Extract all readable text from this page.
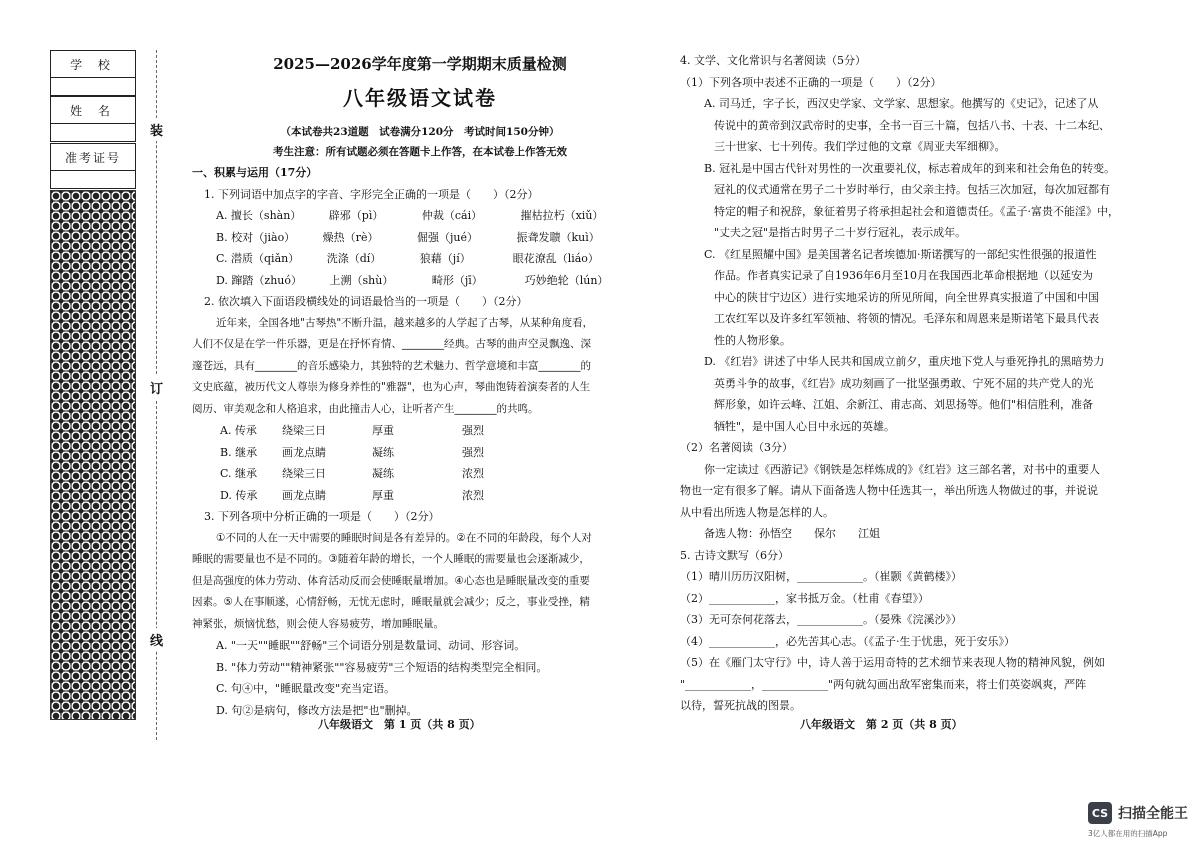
学 校
姓 名
准考证号
装
订
线
2025—2026学年度第一学期期末质量检测
八年级语文试卷
（本试卷共23道题　试卷满分120分　考试时间150分钟）
考生注意：所有试题必须在答题卡上作答，在本试卷上作答无效
一、积累与运用（17分）
1. 下列词语中加点字的字音、字形完全正确的一项是（　　）（2分）
A. 擅长（shàn）　　　辟邪（pì）　　　　仲裁（cái）　　　　摧枯拉朽（xiǔ）
B. 校对（jiào）　　　燥热（rè）　　　　倔强（jué）　　　　振聋发聩（kuì）
C. 潜质（qiǎn）　　　洗涤（dí）　　　　狼藉（jí）　　　　 眼花潦乱（liáo）
D. 蹿踏（zhuó）　　　上溯（shù）　　　　畸形（jī）　　　　 巧妙绝轮（lún）
2. 依次填入下面语段横线处的词语最恰当的一项是（　　）（2分）
近年来，全国各地"古琴热"不断升温，越来越多的人学起了古琴，从某种角度看，
人们不仅是在学一件乐器，更是在抒怀育情、________经典。古琴的曲声空灵飘逸、深
邃苍远，具有________的音乐感染力，其独特的艺术魅力、哲学意境和丰富________的
文史底蕴，被历代文人尊崇为修身养性的"雅器"，也为心声，琴曲饱铸着演奏者的人生
阅历、审美观念和人格追求，由此撞击人心，让听者产生________的共鸣。
A. 传承	绕梁三日	厚重	强烈
B. 继承	画龙点睛	凝练	强烈
C. 继承	绕梁三日	凝练	浓烈
D. 传承	画龙点睛	厚重	浓烈
3. 下列各项中分析正确的一项是（　　）（2分）
①不同的人在一天中需要的睡眠时间是各有差异的。②在不同的年龄段，每个人对
睡眠的需要量也不是不同的。③随着年龄的增长，一个人睡眠的需要量也会逐渐减少，
但是高强度的体力劳动、体育活动反而会使睡眠量增加。④心态也是睡眠量改变的重要
因素。⑤人在事顺遂，心情舒畅，无忧无虑时，睡眠量就会减少；反之，事业受挫，精
神紧张，烦恼忧愁，则会使人容易疲劳，增加睡眠量。
A. "一天""睡眠""舒畅"三个词语分别是数量词、动词、形容词。
B. "体力劳动""精神紧张""容易疲劳"三个短语的结构类型完全相同。
C. 句④中，"睡眠量改变"充当定语。
D. 句②是病句，修改方法是把"也"删掉。
八年级语文　第 1 页（共 8 页）
4. 文学、文化常识与名著阅读（5分）
（1）下列各项中表述不正确的一项是（　　）（2分）
A. 司马迁，字子长，西汉史学家、文学家、思想家。他撰写的《史记》，记述了从
传说中的黄帝到汉武帝时的史事，全书一百三十篇，包括八书、十表、十二本纪、
三十世家、七十列传。我们学过他的文章《周亚夫军细柳》。
B. 冠礼是中国古代针对男性的一次重要礼仪，标志着成年的到来和社会角色的转变。
冠礼的仪式通常在男子二十岁时举行，由父亲主持。包括三次加冠，每次加冠都有
特定的帽子和祝辞，象征着男子将承担起社会和道德责任。《孟子·富贵不能淫》中，
"丈夫之冠"是指古时男子二十岁行冠礼，表示成年。
C. 《红星照耀中国》是美国著名记者埃德加·斯诺撰写的一部纪实性很强的报道性
作品。作者真实记录了自1936年6月至10月在我国西北革命根据地（以延安为
中心的陕甘宁边区）进行实地采访的所见所闻，向全世界真实报道了中国和中国
工农红军以及许多红军领袖、将领的情况。毛泽东和周恩来是斯诺笔下最具代表
性的人物形象。
D. 《红岩》讲述了中华人民共和国成立前夕，重庆地下党人与垂死挣扎的黑暗势力
英勇斗争的故事，《红岩》成功刻画了一批坚强勇敢、宁死不屈的共产党人的光
辉形象，如许云峰、江姐、余新江、甫志高、刘思扬等。他们"相信胜利，准备
牺牲"，是中国人心目中永远的英雄。
（2）名著阅读（3分）
你一定读过《西游记》《钢铁是怎样炼成的》《红岩》这三部名著，对书中的重要人
物也一定有很多了解。请从下面备选人物中任选其一，举出所选人物做过的事，并说说
从中看出所选人物是怎样的人。
备选人物：孙悟空　　保尔　　江姐
5. 古诗文默写（6分）
（1）晴川历历汉阳树，____________。（崔颢《黄鹤楼》）
（2）____________，家书抵万金。（杜甫《春望》）
（3）无可奈何花落去，____________。（晏殊《浣溪沙》）
（4）____________，必先苦其心志。（《孟子·生于忧患，死于安乐》）
（5）在《雁门太守行》中，诗人善于运用奇特的艺术细节来表现人物的精神风貌，例如
"____________，____________"两句就勾画出敌军密集而来，将士们英姿飒爽，严阵
以待，誓死抗战的图景。
八年级语文　第 2 页（共 8 页）
CS 扫描全能王
3亿人都在用的扫描App
